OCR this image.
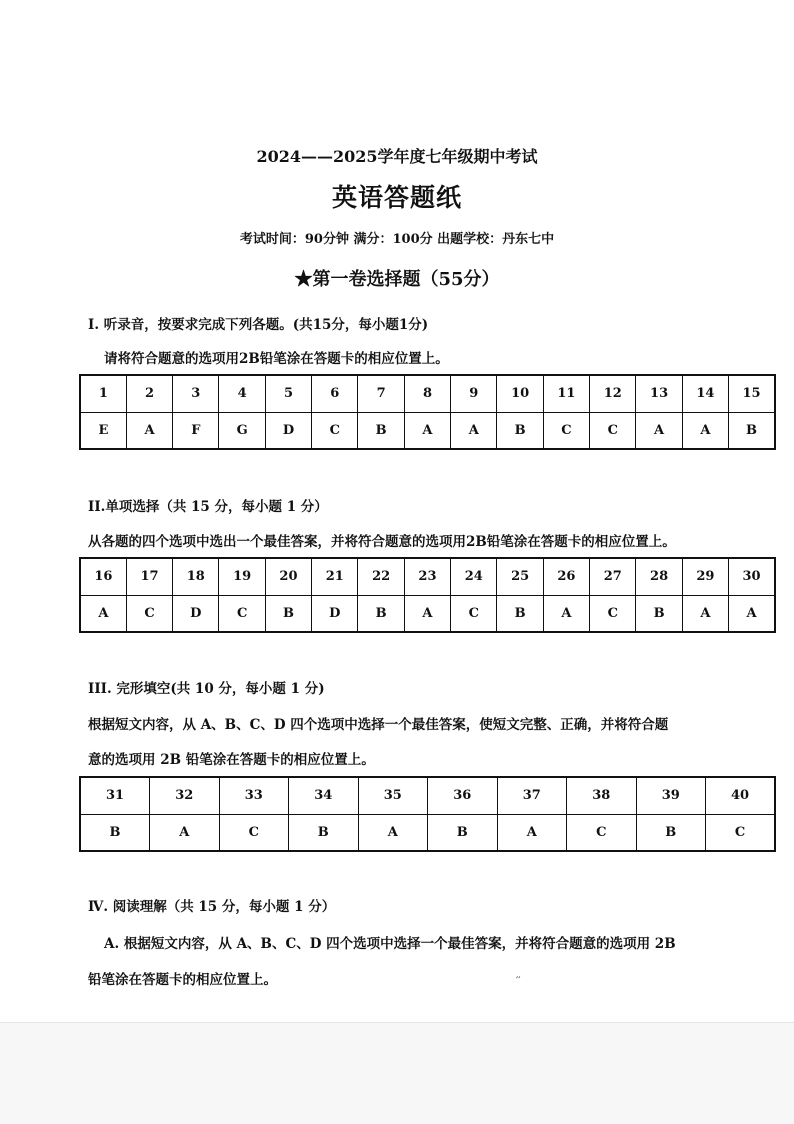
2024——2025学年度七年级期中考试
英语答题纸
考试时间：90分钟 满分：100分 出题学校：丹东七中
★第一卷选择题（55分）
Ⅰ. 听录音，按要求完成下列各题。(共15分，每小题1分)
请将符合题意的选项用2B铅笔涂在答题卡的相应位置上。
1	2	3	4	5	6	7	8	9	10	11	12	13	14	15
E	A	F	G	D	C	B	A	A	B	C	C	A	A	B
II.单项选择（共 15 分，每小题 1 分）
从各题的四个选项中选出一个最佳答案，并将符合题意的选项用2B铅笔涂在答题卡的相应位置上。
16	17	18	19	20	21	22	23	24	25	26	27	28	29	30
A	C	D	C	B	D	B	A	C	B	A	C	B	A	A
III. 完形填空(共 10 分，每小题 1 分)
根据短文内容，从 A、B、C、D 四个选项中选择一个最佳答案，使短文完整、正确，并将符合题
意的选项用 2B 铅笔涂在答题卡的相应位置上。
31	32	33	34	35	36	37	38	39	40
B	A	C	B	A	B	A	C	B	C
Ⅳ. 阅读理解（共 15 分，每小题 1 分）
A. 根据短文内容，从 A、B、C、D 四个选项中选择一个最佳答案，并将符合题意的选项用 2B
铅笔涂在答题卡的相应位置上。	′′
